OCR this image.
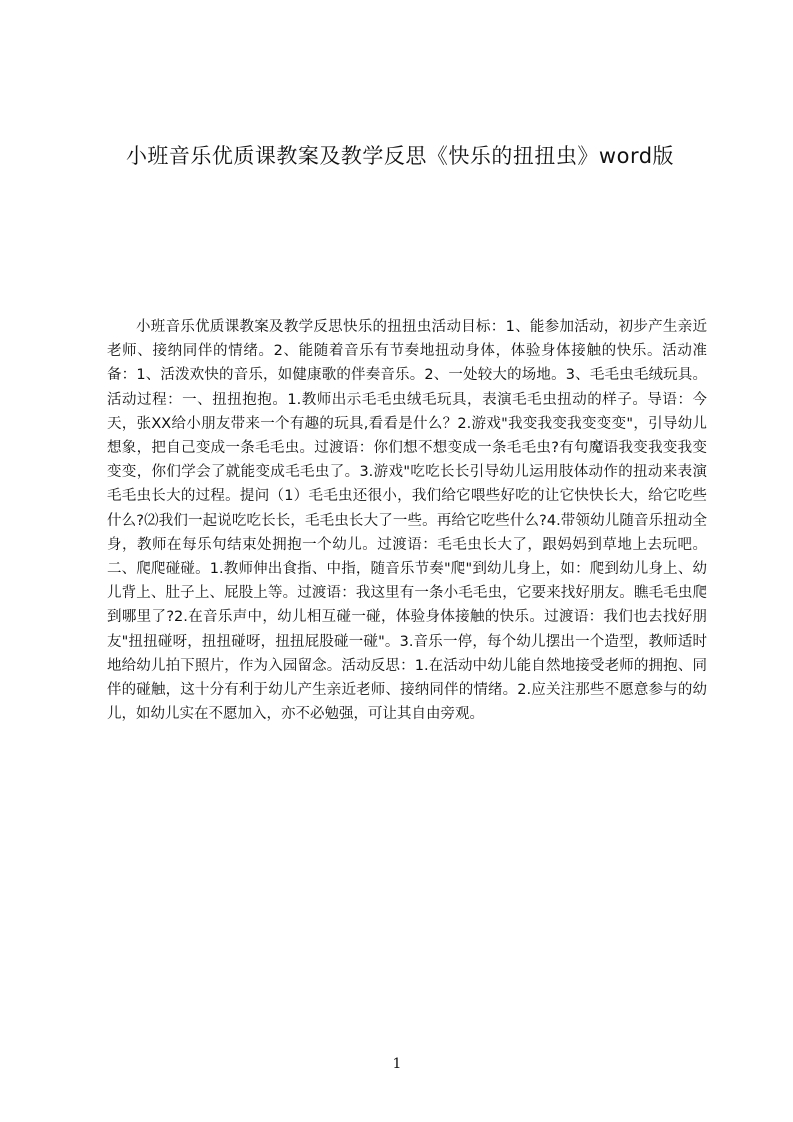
小班音乐优质课教案及教学反思《快乐的扭扭虫》word版

小班音乐优质课教案及教学反思快乐的扭扭虫活动目标：1、能参加活动，初步产生亲近老师、接纳同伴的情绪。2、能随着音乐有节奏地扭动身体，体验身体接触的快乐。活动准备：1、活泼欢快的音乐，如健康歌的伴奏音乐。2、一处较大的场地。3、毛毛虫毛绒玩具。活动过程：一、扭扭抱抱。1.教师出示毛毛虫绒毛玩具，表演毛毛虫扭动的样子。导语：今天，张XX给小朋友带来一个有趣的玩具,看看是什么？2.游戏"我变我变我变变变"，引导幼儿想象，把自己变成一条毛毛虫。过渡语：你们想不想变成一条毛毛虫?有句魔语我变我变我变变变，你们学会了就能变成毛毛虫了。3.游戏"吃吃长长引导幼儿运用肢体动作的扭动来表演毛毛虫长大的过程。提问（1）毛毛虫还很小，我们给它喂些好吃的让它快快长大，给它吃些什么?⑵我们一起说吃吃长长，毛毛虫长大了一些。再给它吃些什么?4.带领幼儿随音乐扭动全身，教师在每乐句结束处拥抱一个幼儿。过渡语：毛毛虫长大了，跟妈妈到草地上去玩吧。二、爬爬碰碰。1.教师伸出食指、中指，随音乐节奏"爬"到幼儿身上，如：爬到幼儿身上、幼儿背上、肚子上、屁股上等。过渡语：我这里有一条小毛毛虫，它要来找好朋友。瞧毛毛虫爬到哪里了?2.在音乐声中，幼儿相互碰一碰，体验身体接触的快乐。过渡语：我们也去找好朋友"扭扭碰呀，扭扭碰呀，扭扭屁股碰一碰"。3.音乐一停，每个幼儿摆出一个造型，教师适时地给幼儿拍下照片，作为入园留念。活动反思：1.在活动中幼儿能自然地接受老师的拥抱、同伴的碰触，这十分有利于幼儿产生亲近老师、接纳同伴的情绪。2.应关注那些不愿意参与的幼儿，如幼儿实在不愿加入，亦不必勉强，可让其自由旁观。

1
